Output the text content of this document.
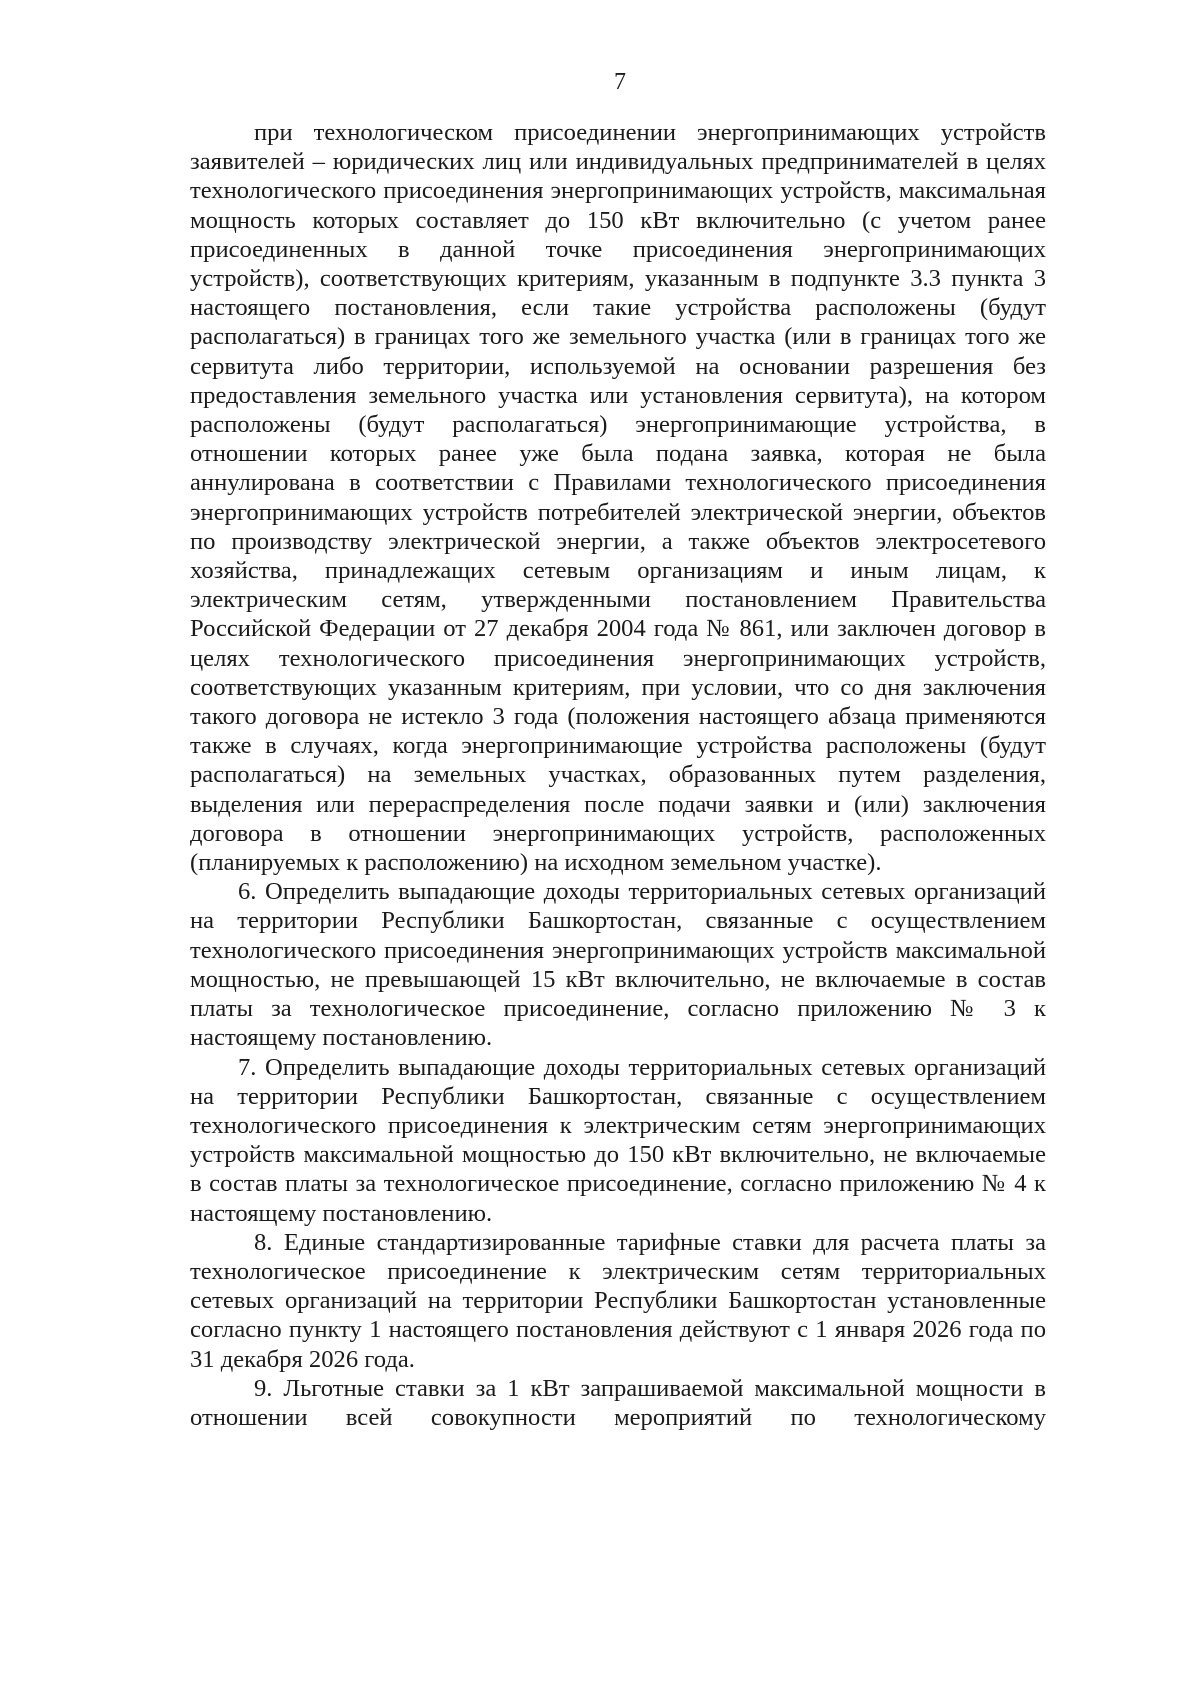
7

при технологическом присоединении энергопринимающих устройств заявителей – юридических лиц или индивидуальных предпринимателей в целях технологического присоединения энергопринимающих устройств, максимальная мощность которых составляет до 150 кВт включительно (с учетом ранее присоединенных в данной точке присоединения энергопринимающих устройств), соответствующих критериям, указанным в подпункте 3.3 пункта 3 настоящего постановления, если такие устройства расположены (будут располагаться) в границах того же земельного участка (или в границах того же сервитута либо территории, используемой на основании разрешения без предоставления земельного участка или установления сервитута), на котором расположены (будут располагаться) энергопринимающие устройства, в отношении которых ранее уже была подана заявка, которая не была аннулирована в соответствии с Правилами технологического присоединения энергопринимающих устройств потребителей электрической энергии, объектов по производству электрической энергии, а также объектов электросетевого хозяйства, принадлежащих сетевым организациям и иным лицам, к электрическим сетям, утвержденными постановлением Правительства Российской Федерации от 27 декабря 2004 года № 861, или заключен договор в целях технологического присоединения энергопринимающих устройств, соответствующих указанным критериям, при условии, что со дня заключения такого договора не истекло 3 года (положения настоящего абзаца применяются также в случаях, когда энергопринимающие устройства расположены (будут располагаться) на земельных участках, образованных путем разделения, выделения или перераспределения после подачи заявки и (или) заключения договора в отношении энергопринимающих устройств, расположенных (планируемых к расположению) на исходном земельном участке).

6. Определить выпадающие доходы территориальных сетевых организаций на территории Республики Башкортостан, связанные с осуществлением технологического присоединения энергопринимающих устройств максимальной мощностью, не превышающей 15 кВт включительно, не включаемые в состав платы за технологическое присоединение, согласно приложению № 3 к настоящему постановлению.

7. Определить выпадающие доходы территориальных сетевых организаций на территории Республики Башкортостан, связанные с осуществлением технологического присоединения к электрическим сетям энергопринимающих устройств максимальной мощностью до 150 кВт включительно, не включаемые в состав платы за технологическое присоединение, согласно приложению № 4 к настоящему постановлению.

8. Единые стандартизированные тарифные ставки для расчета платы за технологическое присоединение к электрическим сетям территориальных сетевых организаций на территории Республики Башкортостан установленные согласно пункту 1 настоящего постановления действуют с 1 января 2026 года по 31 декабря 2026 года.

9. Льготные ставки за 1 кВт запрашиваемой максимальной мощности в отношении всей совокупности мероприятий по технологическому
